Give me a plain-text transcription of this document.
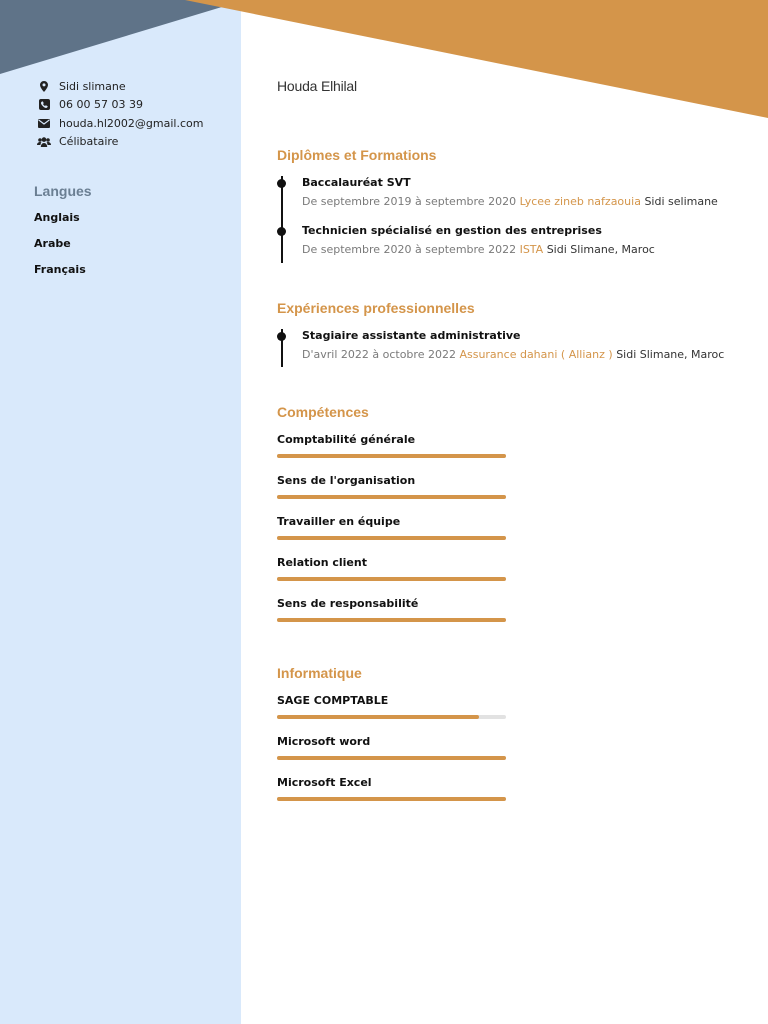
Sidi slimane
06 00 57 03 39
houda.hl2002@gmail.com
Célibataire
Langues
Anglais
Arabe
Français
Houda Elhilal
Diplômes et Formations
Baccalauréat SVT
De septembre 2019 à septembre 2020 Lycee zineb nafzaouia Sidi selimane
Technicien spécialisé en gestion des entreprises
De septembre 2020 à septembre 2022 ISTA Sidi Slimane, Maroc
Expériences professionnelles
Stagiaire assistante administrative
D'avril 2022 à octobre 2022 Assurance dahani ( Allianz ) Sidi Slimane, Maroc
Compétences
Comptabilité générale
Sens de l'organisation
Travailler en équipe
Relation client
Sens de responsabilité
Informatique
SAGE COMPTABLE
Microsoft word
Microsoft Excel
